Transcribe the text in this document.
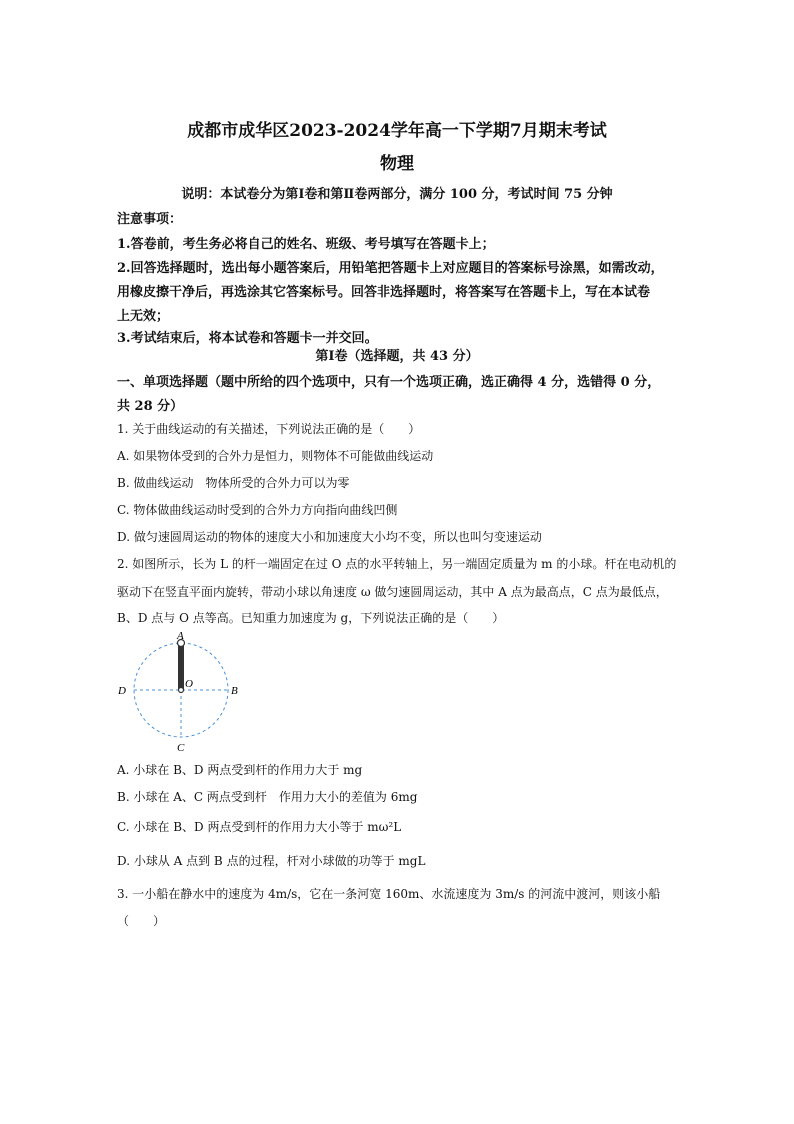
成都市成华区2023-2024学年高一下学期7月期末考试
物理
说明：本试卷分为第Ⅰ卷和第Ⅱ卷两部分，满分 100 分，考试时间 75 分钟
注意事项：
1.答卷前，考生务必将自己的姓名、班级、考号填写在答题卡上；
2.回答选择题时，选出每小题答案后，用铅笔把答题卡上对应题目的答案标号涂黑，如需改动，
用橡皮擦干净后，再选涂其它答案标号。回答非选择题时，将答案写在答题卡上，写在本试卷
上无效；
3.考试结束后，将本试卷和答题卡一并交回。
第Ⅰ卷（选择题，共 43 分）
一、单项选择题（题中所给的四个选项中，只有一个选项正确，选正确得 4 分，选错得 0 分，
共 28 分）
1. 关于曲线运动的有关描述，下列说法正确的是（　　）
A. 如果物体受到的合外力是恒力，则物体不可能做曲线运动
B. 做曲线运动　物体所受的合外力可以为零
C. 物体做曲线运动时受到的合外力方向指向曲线凹侧
D. 做匀速圆周运动的物体的速度大小和加速度大小均不变，所以也叫匀变速运动
2. 如图所示，长为 L 的杆一端固定在过 O 点的水平转轴上，另一端固定质量为 m 的小球。杆在电动机的
驱动下在竖直平面内旋转，带动小球以角速度 ω 做匀速圆周运动，其中 A 点为最高点，C 点为最低点，
B、D 点与 O 点等高。已知重力加速度为 g，下列说法正确的是（　　）
A
B
C
D
O
A. 小球在 B、D 两点受到杆的作用力大于 mg
B. 小球在 A、C 两点受到杆　作用力大小的差值为 6mg
C. 小球在 B、D 两点受到杆的作用力大小等于 mω²L
D. 小球从 A 点到 B 点的过程，杆对小球做的功等于 mgL
3. 一小船在静水中的速度为 4m/s，它在一条河宽 160m、水流速度为 3m/s 的河流中渡河，则该小船
（　　）
